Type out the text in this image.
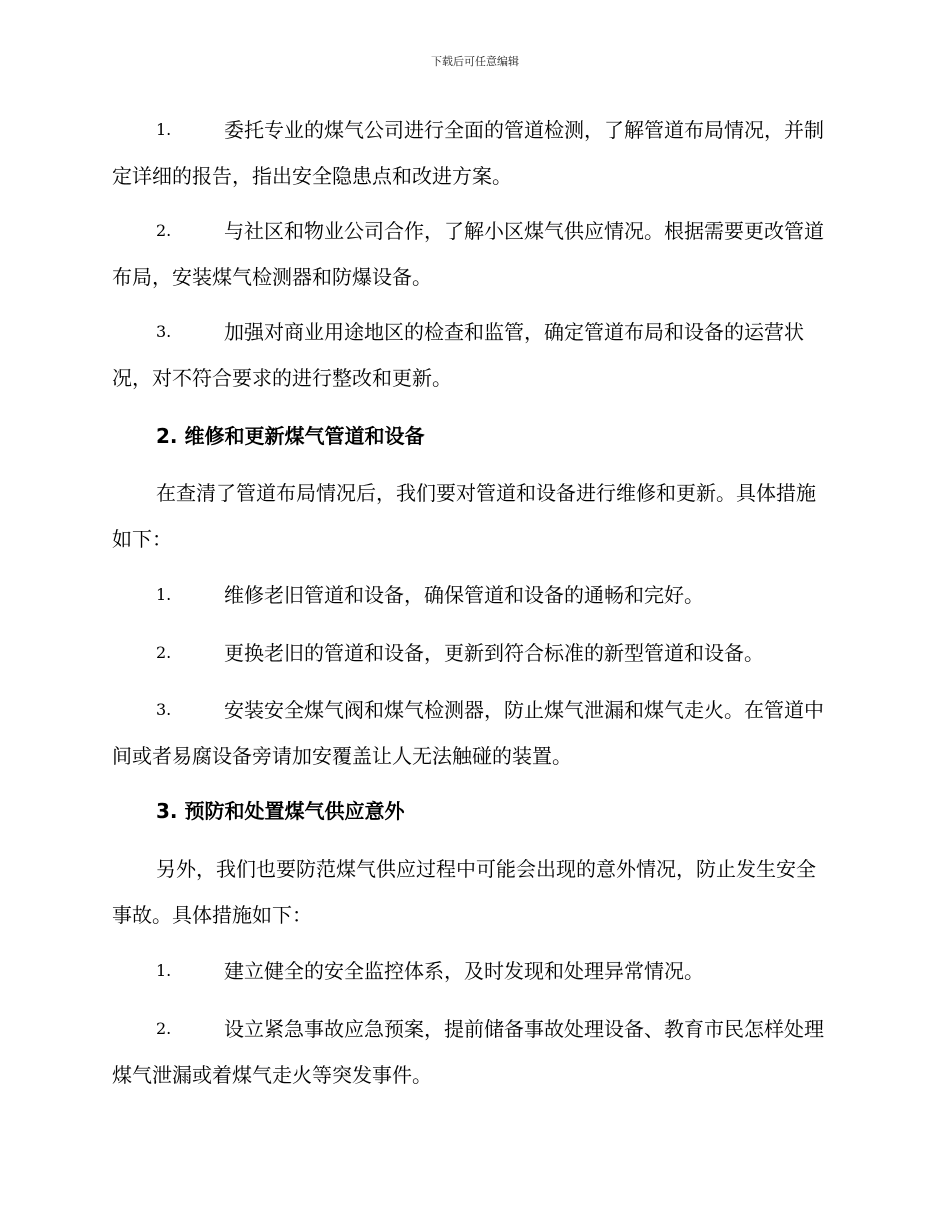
下载后可任意编辑
1.	委托专业的煤气公司进行全面的管道检测，了解管道布局情况，并制定详细的报告，指出安全隐患点和改进方案。

2.	与社区和物业公司合作，了解小区煤气供应情况。根据需要更改管道布局，安装煤气检测器和防爆设备。

3.	加强对商业用途地区的检查和监管，确定管道布局和设备的运营状况，对不符合要求的进行整改和更新。

2. 维修和更新煤气管道和设备

在查清了管道布局情况后，我们要对管道和设备进行维修和更新。具体措施如下：

1.	维修老旧管道和设备，确保管道和设备的通畅和完好。

2.	更换老旧的管道和设备，更新到符合标准的新型管道和设备。

3.	安装安全煤气阀和煤气检测器，防止煤气泄漏和煤气走火。在管道中间或者易腐设备旁请加安覆盖让人无法触碰的装置。

3. 预防和处置煤气供应意外

另外，我们也要防范煤气供应过程中可能会出现的意外情况，防止发生安全事故。具体措施如下：

1.	建立健全的安全监控体系，及时发现和处理异常情况。

2.	设立紧急事故应急预案，提前储备事故处理设备、教育市民怎样处理煤气泄漏或着煤气走火等突发事件。
